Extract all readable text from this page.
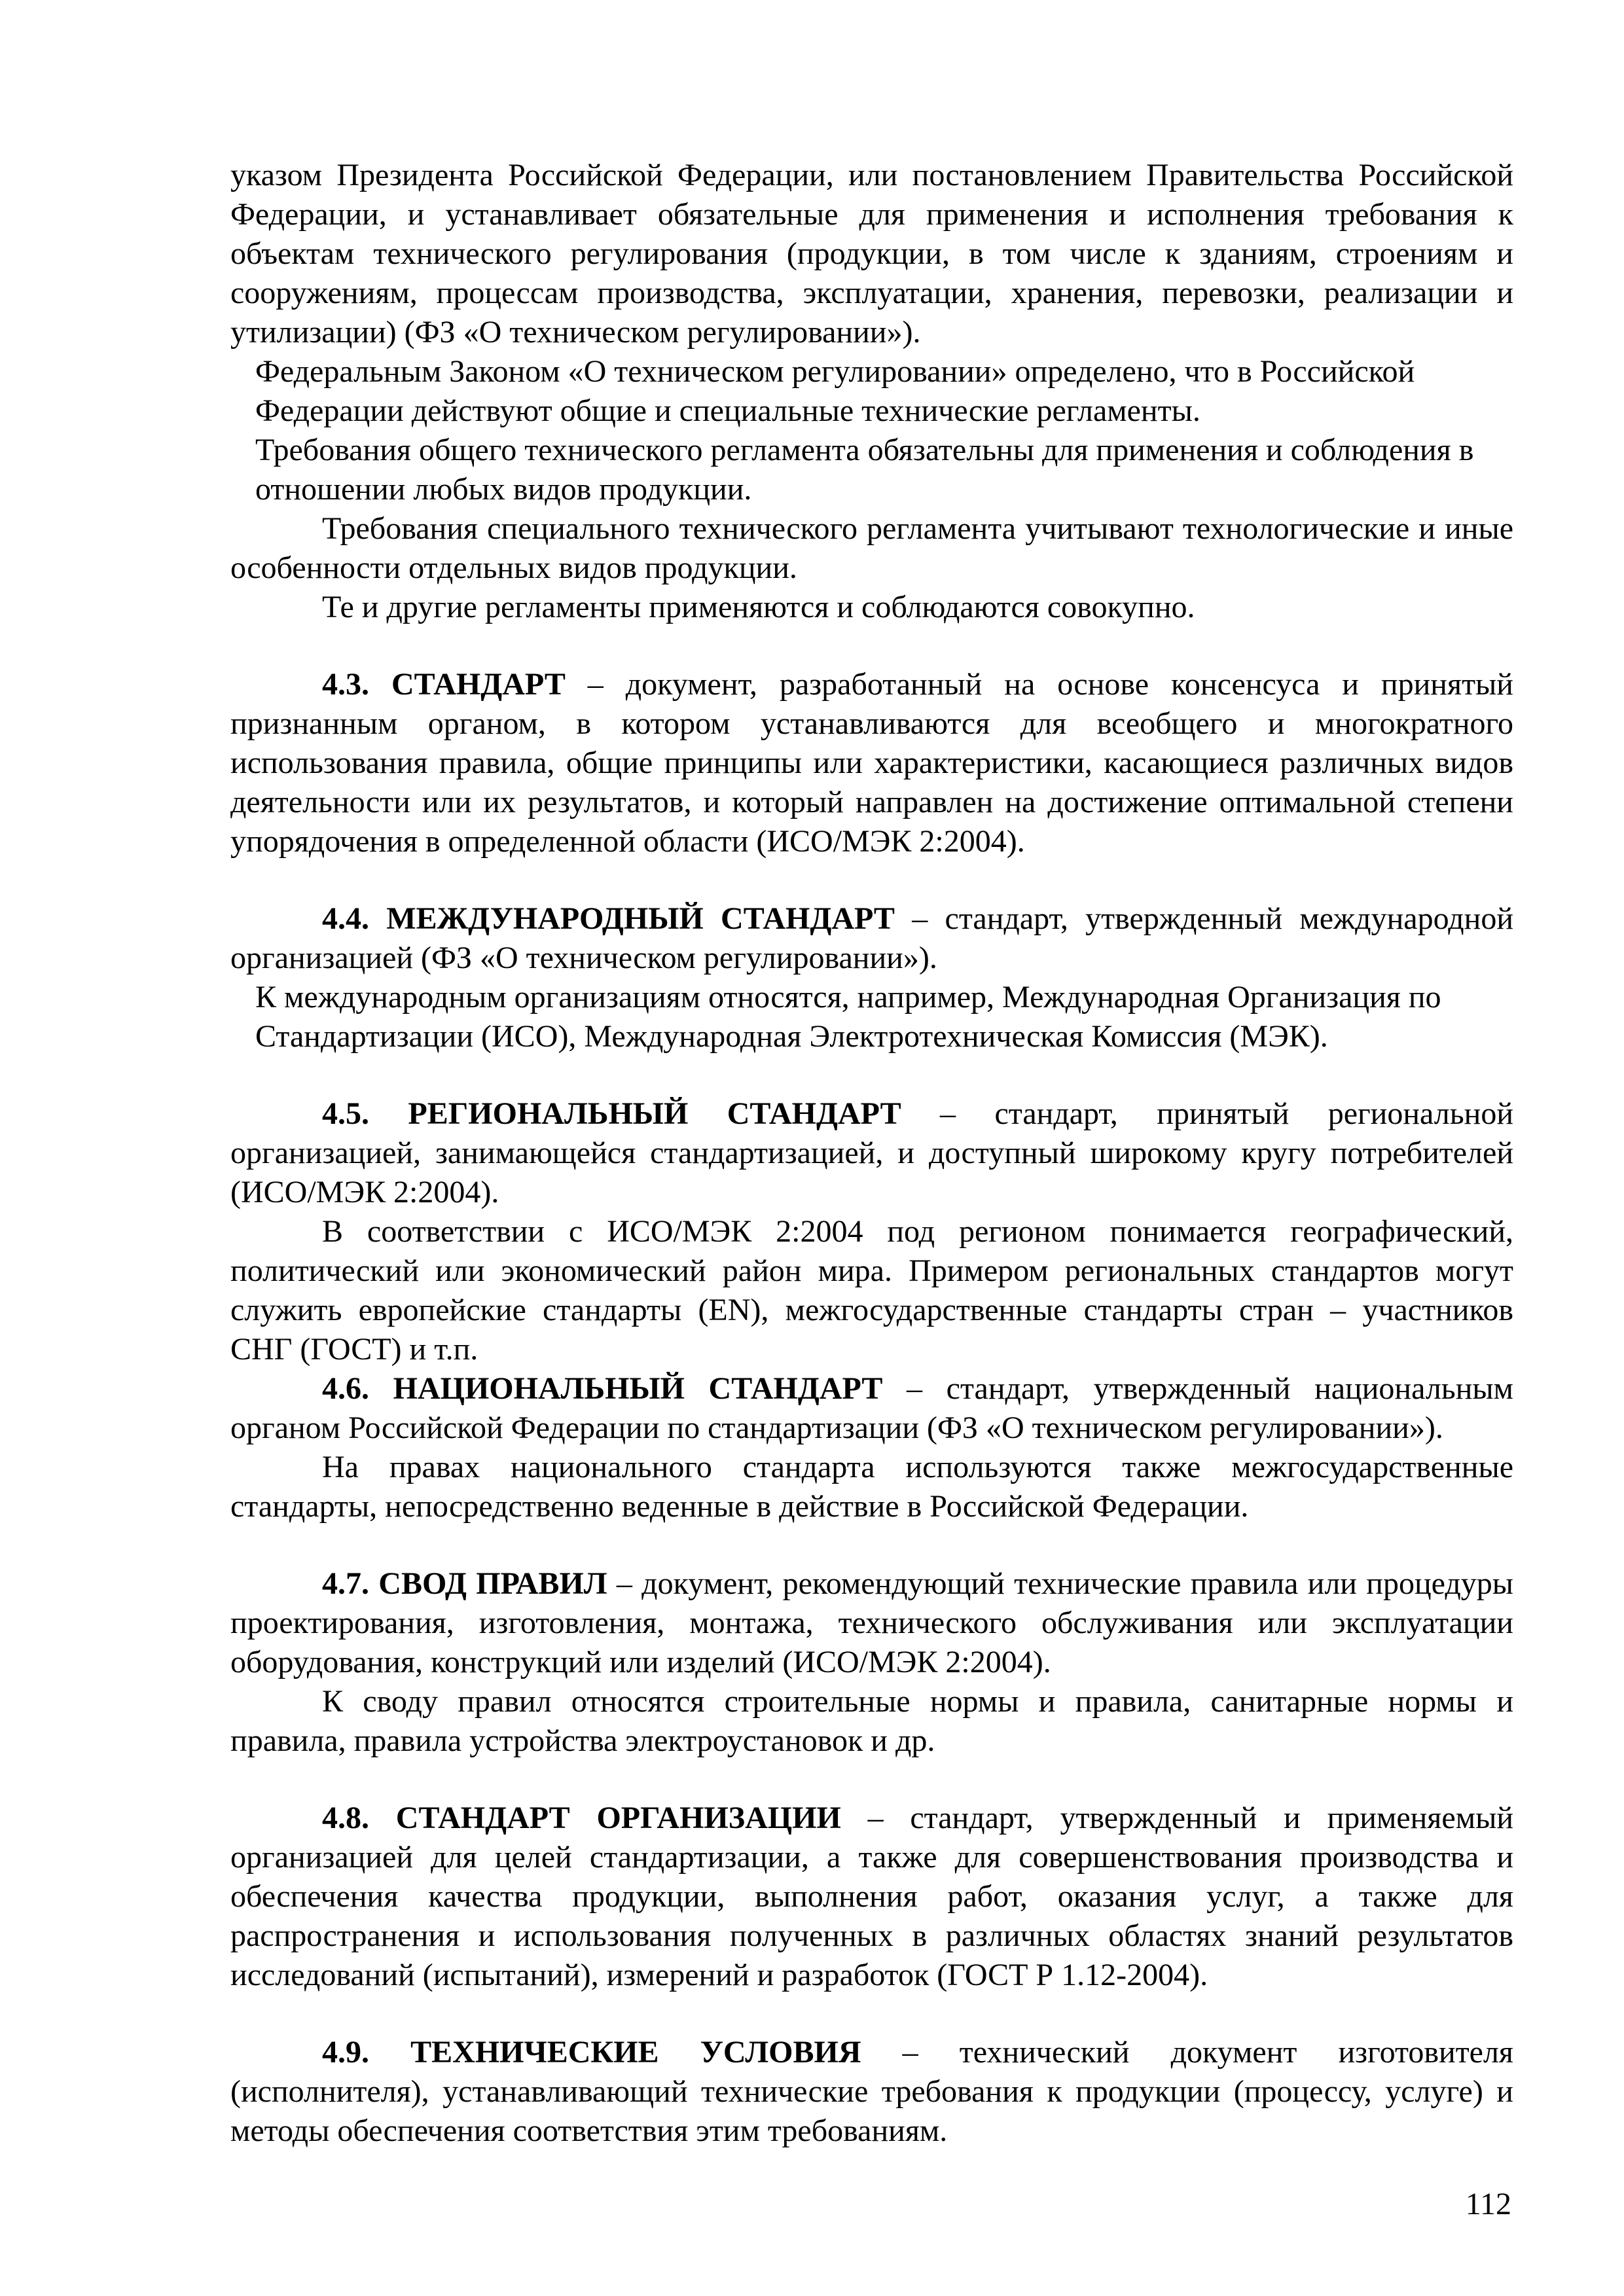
указом Президента Российской Федерации, или постановлением Правительства Российской Федерации, и устанавливает обязательные для применения и исполнения требования к объектам технического регулирования (продукции, в том числе к зданиям, строениям и сооружениям, процессам производства, эксплуатации, хранения, перевозки, реализации и утилизации) (ФЗ «О техническом регулировании»).

Федеральным Законом «О техническом регулировании» определено, что в Российской Федерации действуют общие и специальные технические регламенты.

Требования общего технического регламента обязательны для применения и соблюдения в отношении любых видов продукции.

Требования специального технического регламента учитывают технологические и иные особенности отдельных видов продукции.

Те и другие регламенты применяются и соблюдаются совокупно.

4.3. СТАНДАРТ – документ, разработанный на основе консенсуса и принятый признанным органом, в котором устанавливаются для всеобщего и многократного использования правила, общие принципы или характеристики, касающиеся различных видов деятельности или их результатов, и который направлен на достижение оптимальной степени упорядочения в определенной области (ИСО/МЭК 2:2004).

4.4. МЕЖДУНАРОДНЫЙ СТАНДАРТ – стандарт, утвержденный международной организацией (ФЗ «О техническом регулировании»).

К международным организациям относятся, например, Международная Организация по Стандартизации (ИСО), Международная Электротехническая Комиссия (МЭК).

4.5. РЕГИОНАЛЬНЫЙ СТАНДАРТ – стандарт, принятый региональной организацией, занимающейся стандартизацией, и доступный широкому кругу потребителей (ИСО/МЭК 2:2004).

В соответствии с ИСО/МЭК 2:2004 под регионом понимается географический, политический или экономический район мира. Примером региональных стандартов могут служить европейские стандарты (EN), межгосударственные стандарты стран – участников СНГ (ГОСТ) и т.п.

4.6. НАЦИОНАЛЬНЫЙ СТАНДАРТ – стандарт, утвержденный национальным органом Российской Федерации по стандартизации (ФЗ «О техническом регулировании»).

На правах национального стандарта используются также межгосударственные стандарты, непосредственно веденные в действие в Российской Федерации.

4.7. СВОД ПРАВИЛ – документ, рекомендующий технические правила или процедуры проектирования, изготовления, монтажа, технического обслуживания или эксплуатации оборудования, конструкций или изделий (ИСО/МЭК 2:2004).

К своду правил относятся строительные нормы и правила, санитарные нормы и правила, правила устройства электроустановок и др.

4.8. СТАНДАРТ ОРГАНИЗАЦИИ – стандарт, утвержденный и применяемый организацией для целей стандартизации, а также для совершенствования производства и обеспечения качества продукции, выполнения работ, оказания услуг, а также для распространения и использования полученных в различных областях знаний результатов исследований (испытаний), измерений и разработок (ГОСТ Р 1.12-2004).

4.9. ТЕХНИЧЕСКИЕ УСЛОВИЯ – технический документ изготовителя (исполнителя), устанавливающий технические требования к продукции (процессу, услуге) и методы обеспечения соответствия этим требованиям.

112
